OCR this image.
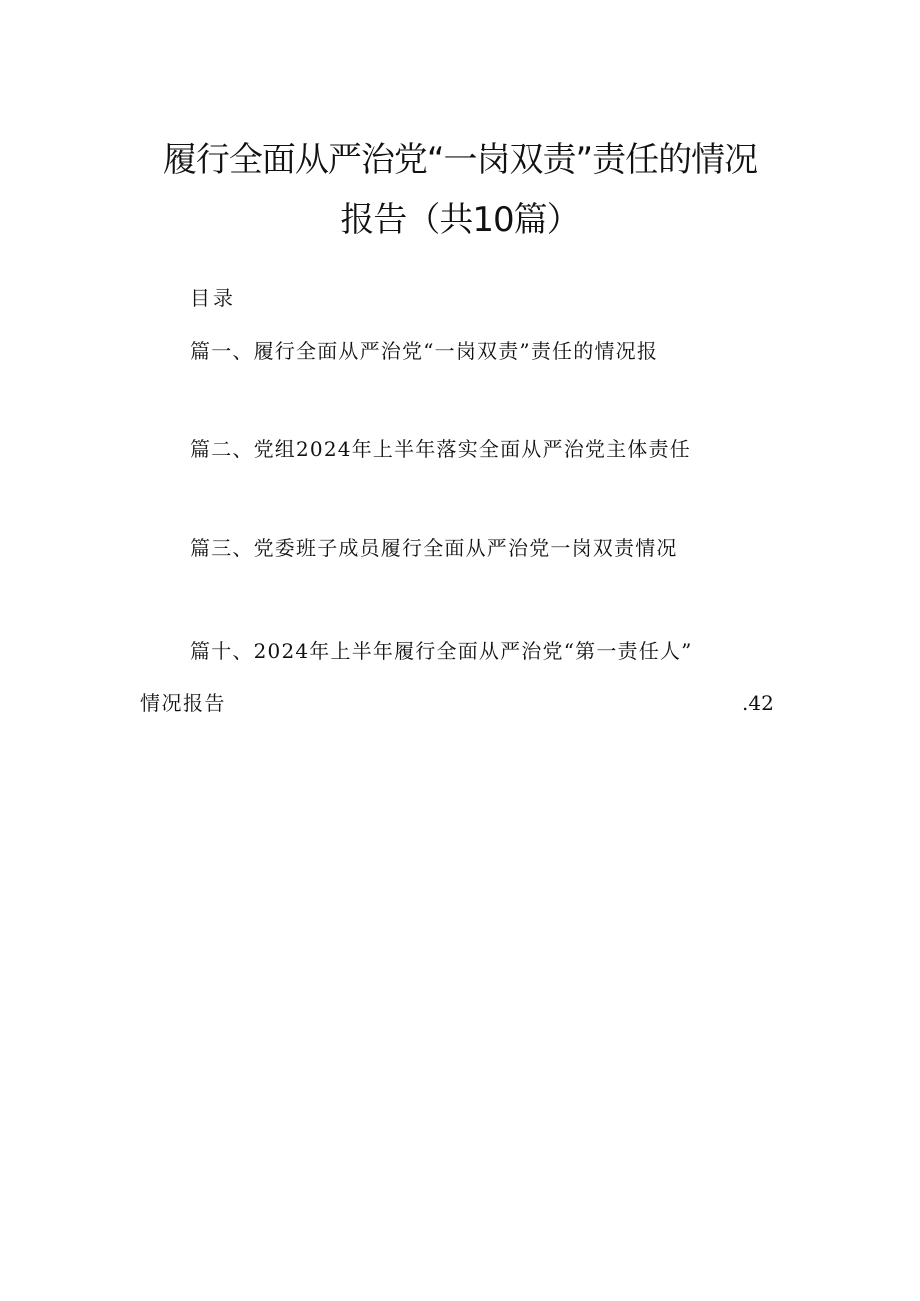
履行全面从严治党“一岗双责”责任的情况
报告（共10篇）
目录
篇一、履行全面从严治党“一岗双责”责任的情况报
篇二、党组2024年上半年落实全面从严治党主体责任
篇三、党委班子成员履行全面从严治党一岗双责情况
篇十、2024年上半年履行全面从严治党“第一责任人”
情况报告	.42
